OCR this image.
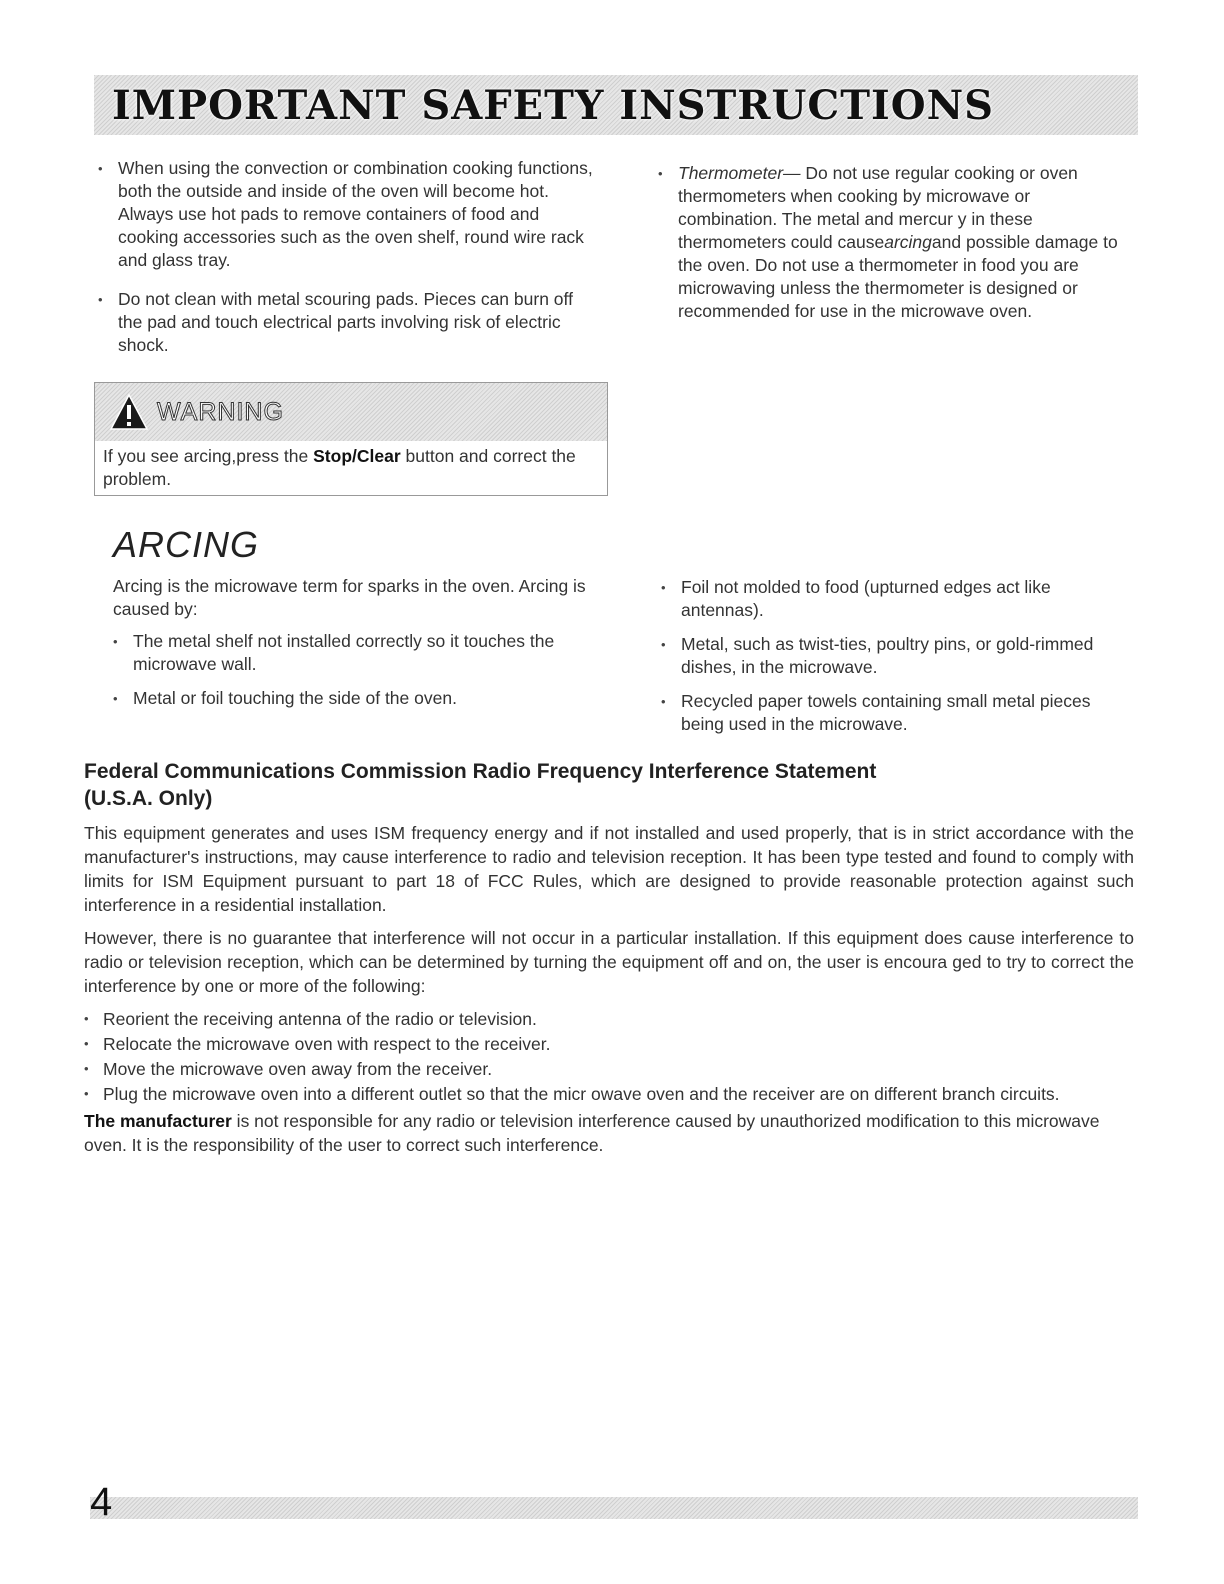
IMPORTANT SAFETY INSTRUCTIONS
• When using the convection or combination cooking functions, both the outside and inside of the oven will become hot. Always use hot pads to remove containers of food and cooking accessories such as the oven shelf, round wire rack and glass tray.
• Do not clean with metal scouring pads. Pieces can burn off the pad and touch electrical parts involving risk of electric shock.
• Thermometer— Do not use regular cooking or oven thermometers when cooking by microwave or combination. The metal and mercur y in these thermometers could causearcingand possible damage to the oven. Do not use a thermometer in food you are microwaving unless the thermometer is designed or recommended for use in the microwave oven.
WARNING
If you see arcing,press the Stop/Clear button and correct the problem.
ARCING
Arcing is the microwave term for sparks in the oven. Arcing is caused by:
• The metal shelf not installed correctly so it touches the microwave wall.
• Metal or foil touching the side of the oven.
• Foil not molded to food (upturned edges act like antennas).
• Metal, such as twist-ties, poultry pins, or gold-rimmed dishes, in the microwave.
• Recycled paper towels containing small metal pieces being used in the microwave.
Federal Communications Commission Radio Frequency Interference Statement
(U.S.A. Only)

This equipment generates and uses ISM frequency energy and if not installed and used properly, that is in strict accordance with the manufacturer's instructions, may cause interference to radio and television reception. It has been type tested and found to comply with limits for ISM Equipment pursuant to part 18 of FCC Rules, which are designed to provide reasonable protection against such interference in a residential installation.

However, there is no guarantee that interference will not occur in a particular installation. If this equipment does cause interference to radio or television reception, which can be determined by turning the equipment off and on, the user is encoura ged to try to correct the interference by one or more of the following:

• Reorient the receiving antenna of the radio or television.
• Relocate the microwave oven with respect to the receiver.
• Move the microwave oven away from the receiver.
• Plug the microwave oven into a different outlet so that the micr owave oven and the receiver are on different branch circuits.
The manufacturer is not responsible for any radio or television interference caused by unauthorized modification to this microwave oven. It is the responsibility of the user to correct such interference.
4
